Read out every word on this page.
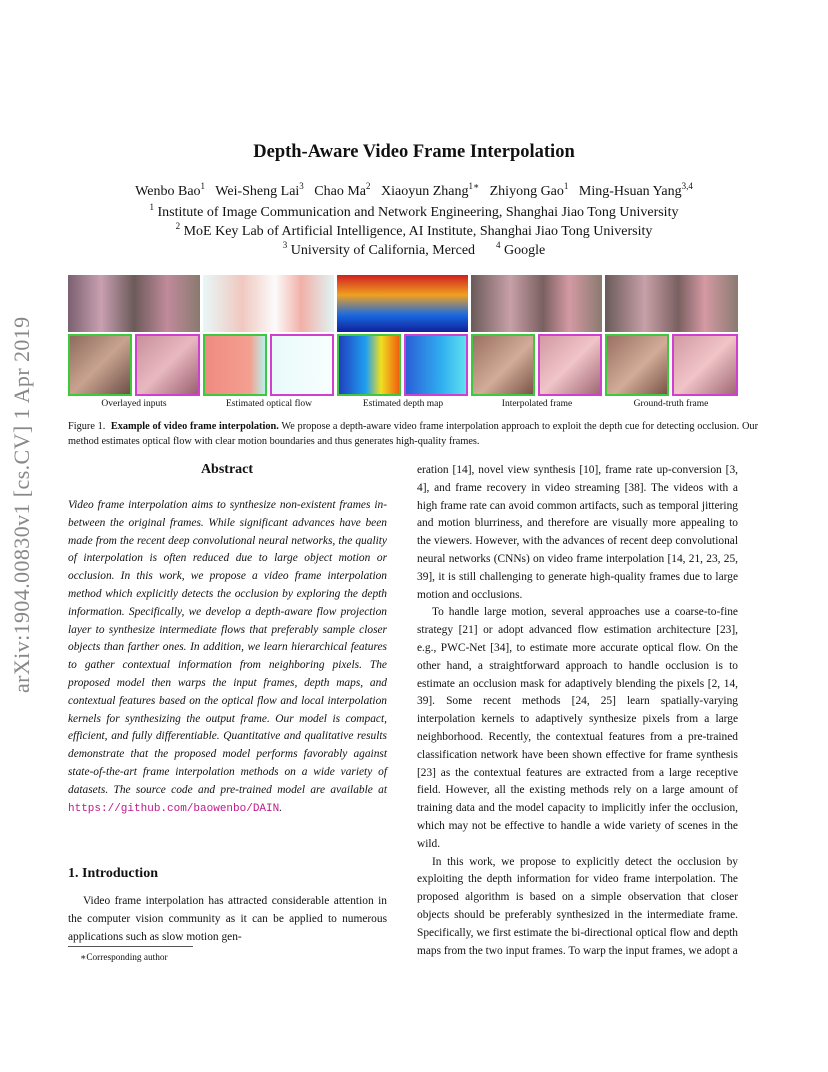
arXiv:1904.00830v1 [cs.CV] 1 Apr 2019
Depth-Aware Video Frame Interpolation
Wenbo Bao$^1$ Wei-Sheng Lai$^3$ Chao Ma$^2$ Xiaoyun Zhang$^{1∗}$ Zhiyong Gao$^1$ Ming-Hsuan Yang$^{3,4}$
$^1$ Institute of Image Communication and Network Engineering, Shanghai Jiao Tong University
$^2$ MoE Key Lab of Artificial Intelligence, AI Institute, Shanghai Jiao Tong University
$^3$ University of California, Merced $^4$ Google
Overlayed inputs	Estimated optical flow	Estimated depth map	Interpolated frame	Ground-truth frame
Figure 1. Example of video frame interpolation. We propose a depth-aware video frame interpolation approach to exploit the depth cue for detecting occlusion. Our method estimates optical flow with clear motion boundaries and thus generates high-quality frames.
Abstract
Video frame interpolation aims to synthesize non-existent frames in-between the original frames. While significant advances have been made from the recent deep convolutional neural networks, the quality of interpolation is often reduced due to large object motion or occlusion. In this work, we propose a video frame interpolation method which explicitly detects the occlusion by exploring the depth information. Specifically, we develop a depth-aware flow projection layer to synthesize intermediate flows that preferably sample closer objects than farther ones. In addition, we learn hierarchical features to gather contextual information from neighboring pixels. The proposed model then warps the input frames, depth maps, and contextual features based on the optical flow and local interpolation kernels for synthesizing the output frame. Our model is compact, efficient, and fully differentiable. Quantitative and qualitative results demonstrate that the proposed model performs favorably against state-of-the-art frame interpolation methods on a wide variety of datasets. The source code and pre-trained model are available at https://github.com/baowenbo/DAIN.
1. Introduction
Video frame interpolation has attracted considerable attention in the computer vision community as it can be applied to numerous applications such as slow motion gen-
∗Corresponding author

eration [14], novel view synthesis [10], frame rate up-conversion [3, 4], and frame recovery in video streaming [38]. The videos with a high frame rate can avoid common artifacts, such as temporal jittering and motion blurriness, and therefore are visually more appealing to the viewers. However, with the advances of recent deep convolutional neural networks (CNNs) on video frame interpolation [14, 21, 23, 25, 39], it is still challenging to generate high-quality frames due to large motion and occlusions.

To handle large motion, several approaches use a coarse-to-fine strategy [21] or adopt advanced flow estimation architecture [23], e.g., PWC-Net [34], to estimate more accurate optical flow. On the other hand, a straightforward approach to handle occlusion is to estimate an occlusion mask for adaptively blending the pixels [2, 14, 39]. Some recent methods [24, 25] learn spatially-varying interpolation kernels to adaptively synthesize pixels from a large neighborhood. Recently, the contextual features from a pre-trained classification network have been shown effective for frame synthesis [23] as the contextual features are extracted from a large receptive field. However, all the existing methods rely on a large amount of training data and the model capacity to implicitly infer the occlusion, which may not be effective to handle a wide variety of scenes in the wild.

In this work, we propose to explicitly detect the occlusion by exploiting the depth information for video frame interpolation. The proposed algorithm is based on a simple observation that closer objects should be preferably synthesized in the intermediate frame. Specifically, we first estimate the bi-directional optical flow and depth maps from the two input frames. To warp the input frames, we adopt a
